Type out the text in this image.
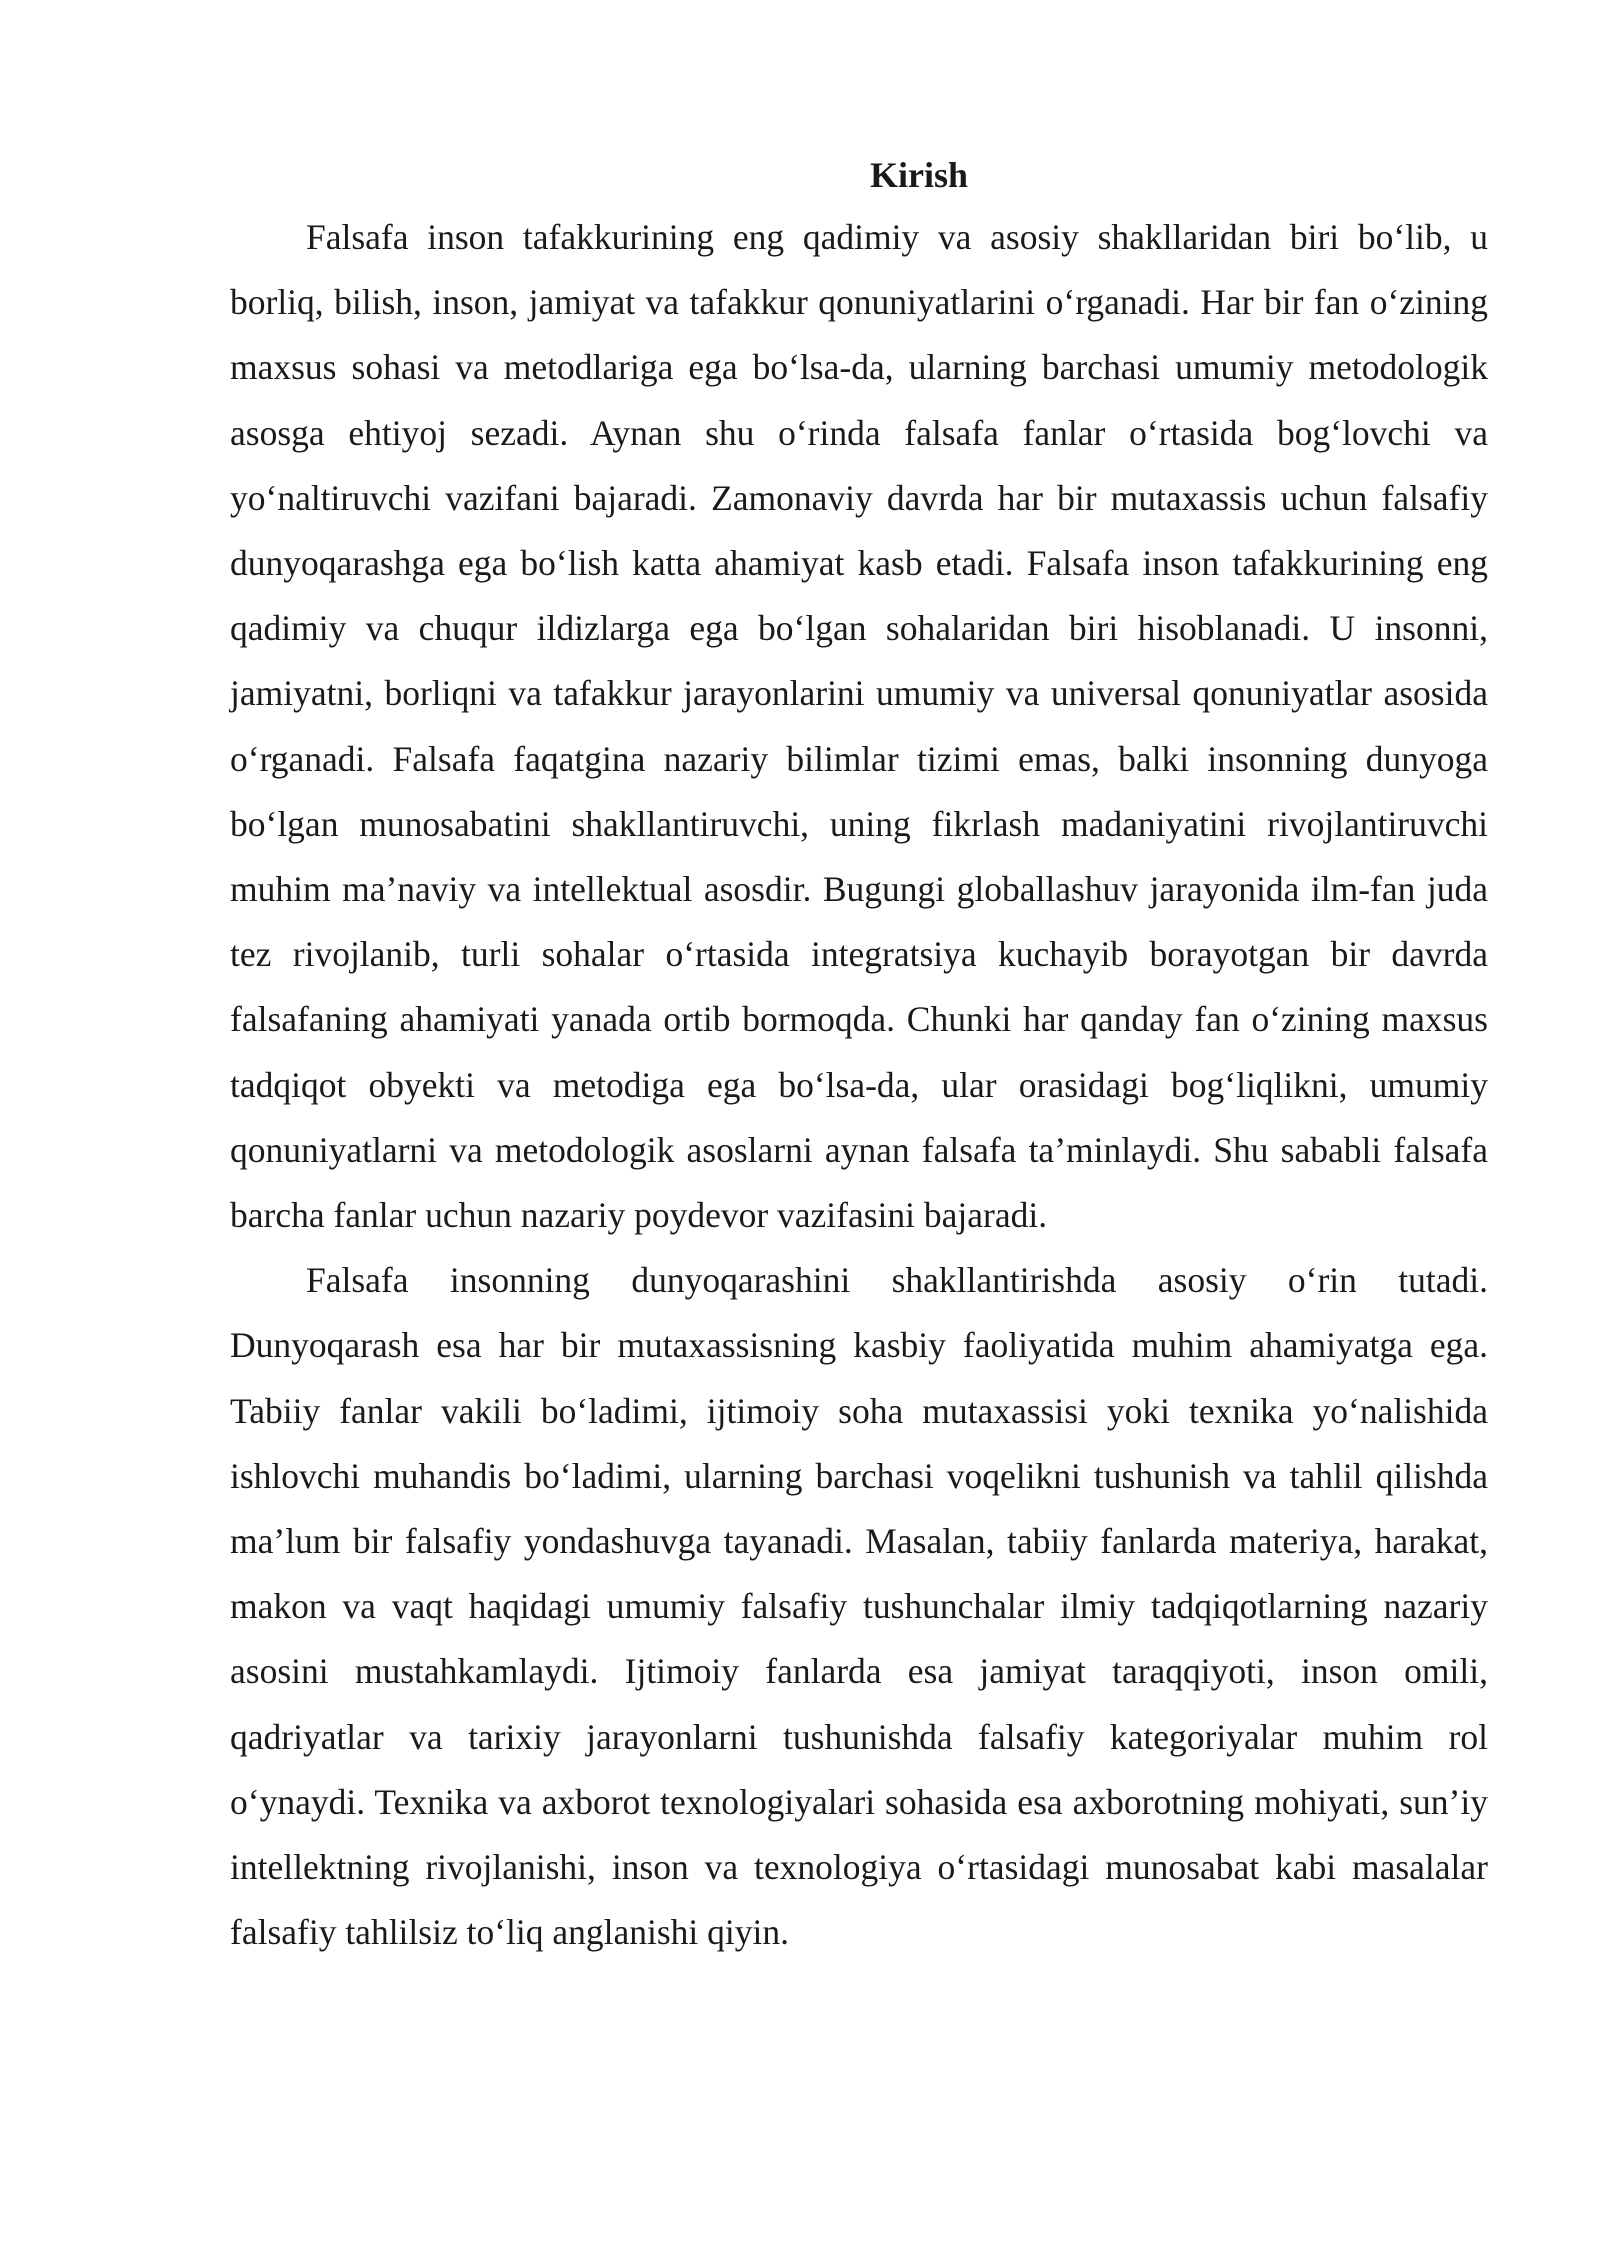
Kirish

Falsafa inson tafakkurining eng qadimiy va asosiy shakllaridan biri bo‘lib, u borliq, bilish, inson, jamiyat va tafakkur qonuniyatlarini o‘rganadi. Har bir fan o‘zining maxsus sohasi va metodlariga ega bo‘lsa-da, ularning barchasi umumiy metodologik asosga ehtiyoj sezadi. Aynan shu o‘rinda falsafa fanlar o‘rtasida bog‘lovchi va yo‘naltiruvchi vazifani bajaradi. Zamonaviy davrda har bir mutaxassis uchun falsafiy dunyoqarashga ega bo‘lish katta ahamiyat kasb etadi. Falsafa inson tafakkurining eng qadimiy va chuqur ildizlarga ega bo‘lgan sohalaridan biri hisoblanadi. U insonni, jamiyatni, borliqni va tafakkur jarayonlarini umumiy va universal qonuniyatlar asosida o‘rganadi. Falsafa faqatgina nazariy bilimlar tizimi emas, balki insonning dunyoga bo‘lgan munosabatini shakllantiruvchi, uning fikrlash madaniyatini rivojlantiruvchi muhim ma’naviy va intellektual asosdir. Bugungi globallashuv jarayonida ilm-fan juda tez rivojlanib, turli sohalar o‘rtasida integratsiya kuchayib borayotgan bir davrda falsafaning ahamiyati yanada ortib bormoqda. Chunki har qanday fan o‘zining maxsus tadqiqot obyekti va metodiga ega bo‘lsa-da, ular orasidagi bog‘liqlikni, umumiy qonuniyatlarni va metodologik asoslarni aynan falsafa ta’minlaydi. Shu sababli falsafa barcha fanlar uchun nazariy poydevor vazifasini bajaradi.

Falsafa insonning dunyoqarashini shakllantirishda asosiy o‘rin tutadi. Dunyoqarash esa har bir mutaxassisning kasbiy faoliyatida muhim ahamiyatga ega. Tabiiy fanlar vakili bo‘ladimi, ijtimoiy soha mutaxassisi yoki texnika yo‘nalishida ishlovchi muhandis bo‘ladimi, ularning barchasi voqelikni tushunish va tahlil qilishda ma’lum bir falsafiy yondashuvga tayanadi. Masalan, tabiiy fanlarda materiya, harakat, makon va vaqt haqidagi umumiy falsafiy tushunchalar ilmiy tadqiqotlarning nazariy asosini mustahkamlaydi. Ijtimoiy fanlarda esa jamiyat taraqqiyoti, inson omili, qadriyatlar va tarixiy jarayonlarni tushunishda falsafiy kategoriyalar muhim rol o‘ynaydi. Texnika va axborot texnologiyalari sohasida esa axborotning mohiyati, sun’iy intellektning rivojlanishi, inson va texnologiya o‘rtasidagi munosabat kabi masalalar falsafiy tahlilsiz to‘liq anglanishi qiyin.
